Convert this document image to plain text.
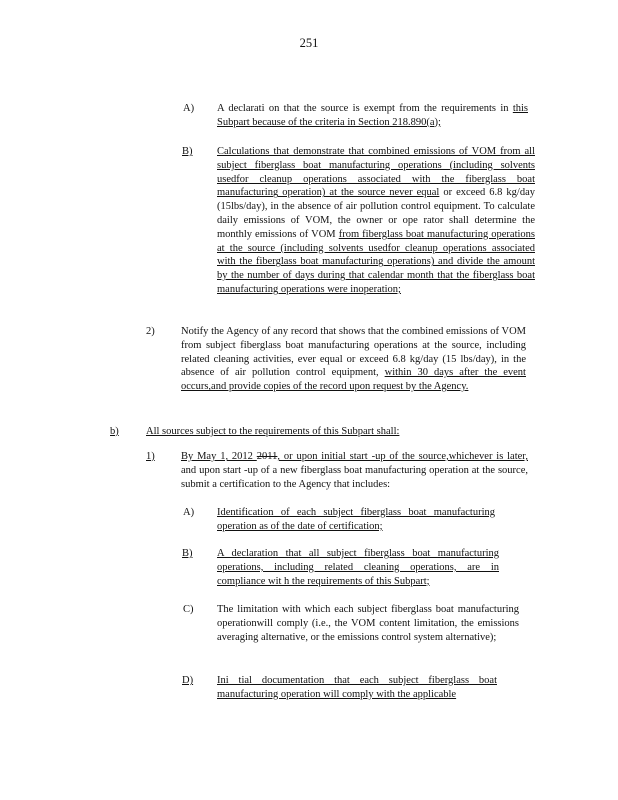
251
A) A declarati on that the source is exempt from the requirements in this Subpart because of the criteria in Section 218.890(a);
B) Calculations that demonstrate that combined emissions of VOM from all subject fiberglass boat manufacturing operations (including solvents usedfor cleanup operations associated with the fiberglass boat manufacturing operation) at the source never equal or exceed 6.8 kg/day (15lbs/day), in the absence of air pollution control equipment. To calculate daily emissions of VOM, the owner or ope rator shall determine the monthly emissions of VOM from fiberglass boat manufacturing operations at the source (including solvents usedfor cleanup operations associated with the fiberglass boat manufacturing operations) and divide the amount by the number of days during that calendar month that the fiberglass boat manufacturing operations were inoperation;
2)	Notify the Agency of any record that shows that the combined emissions of VOM from subject fiberglass boat manufacturing operations at the source, including related cleaning activities, ever equal or exceed 6.8 kg/day (15 lbs/day), in the absence of air pollution control equipment, within 30 days after the event occurs,and provide copies of the record upon request by the Agency.
b)	All sources subject to the requirements of this Subpart shall:
1)	By May 1, 2012 2011, or upon initial start -up of the source,whichever is later, and upon start -up of a new fiberglass boat manufacturing operation at the source, submit a certification to the Agency that includes:
A) Identification of each subject fiberglass boat manufacturing operation as of the date of certification;
B) A declaration that all subject fiberglass boat manufacturing operations, including related cleaning operations, are in compliance wit h the requirements of this Subpart;
C) The limitation with which each subject fiberglass boat manufacturing operationwill comply (i.e., the VOM content limitation, the emissions averaging alternative, or the emissions control system alternative);
D) Ini tial documentation that each subject fiberglass boat manufacturing operation will comply with the applicable
